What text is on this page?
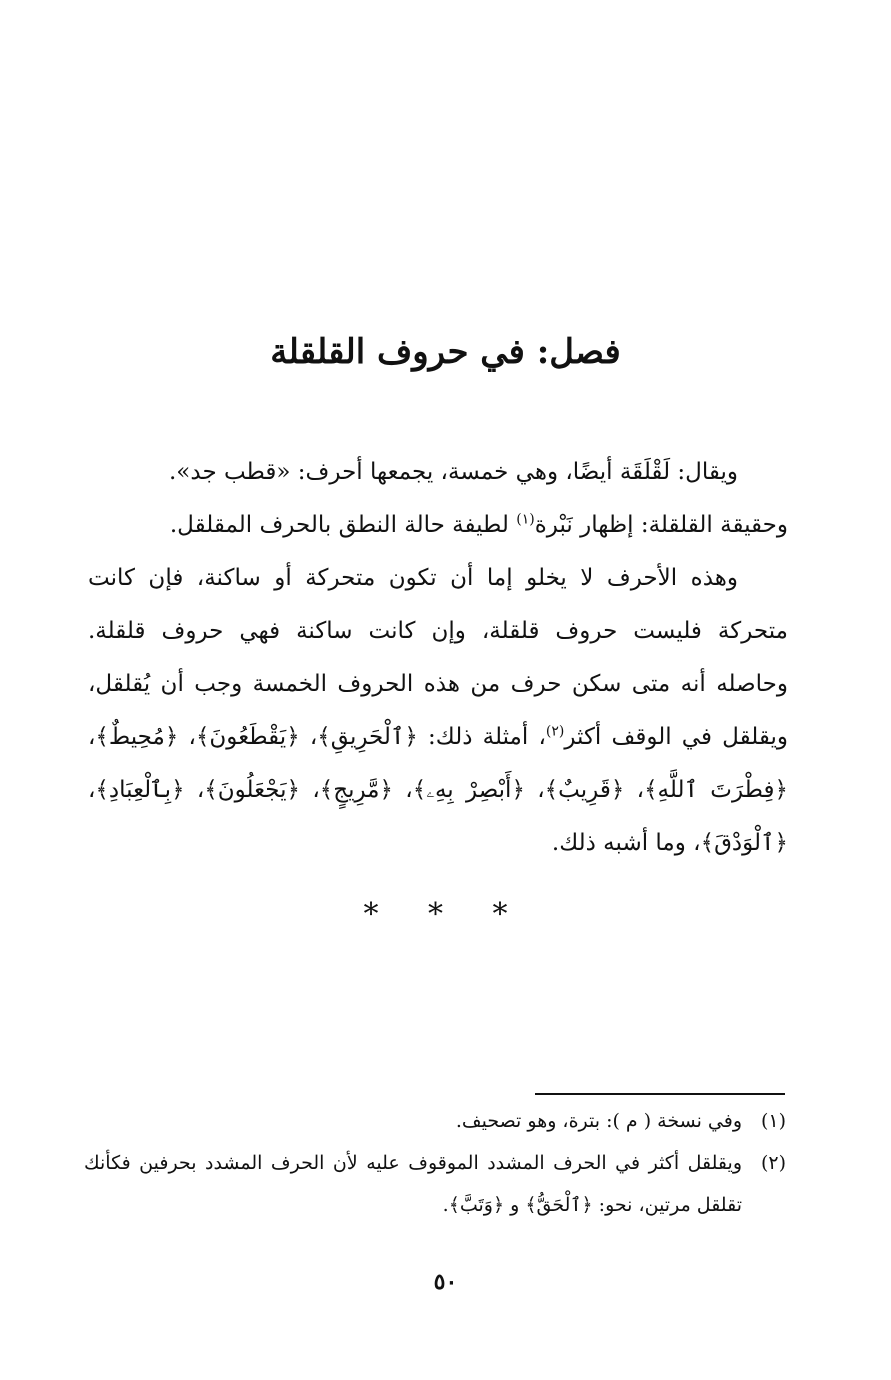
فصل: في حروف القلقلة

ويقال: لَقْلَقَة أيضًا، وهي خمسة، يجمعها أحرف: «قطب جد».

وحقيقة القلقلة: إظهار نَبْرة$^{(١)}$ لطيفة حالة النطق بالحرف المقلقل.

وهذه الأحرف لا يخلو إما أن تكون متحركة أو ساكنة، فإن كانت متحركة فليست حروف قلقلة، وإن كانت ساكنة فهي حروف قلقلة. وحاصله أنه متى سكن حرف من هذه الحروف الخمسة وجب أن يُقلقل، ويقلقل في الوقف أكثر$^{(٢)}$، أمثلة ذلك: ﴿ٱلْحَرِيقِ﴾، ﴿يَقْطَعُونَ﴾، ﴿مُحِيطٌ﴾، ﴿فِطْرَتَ ٱللَّهِ﴾، ﴿قَرِيبٌ﴾، ﴿أَبْصِرْ بِهِۦ﴾، ﴿مَّرِيجٍ﴾، ﴿يَجْعَلُونَ﴾، ﴿بِٱلْعِبَادِ﴾، ﴿ٱلْوَدْقَ﴾، وما أشبه ذلك.

* * *
(١)
وفي نسخة ( م ): بترة، وهو تصحيف.
(٢)
ويقلقل أكثر في الحرف المشدد الموقوف عليه لأن الحرف المشدد بحرفين فكأنك تقلقل مرتين، نحو: ﴿ٱلْحَقُّ﴾ و ﴿وَتَبَّ﴾.
٥٠
